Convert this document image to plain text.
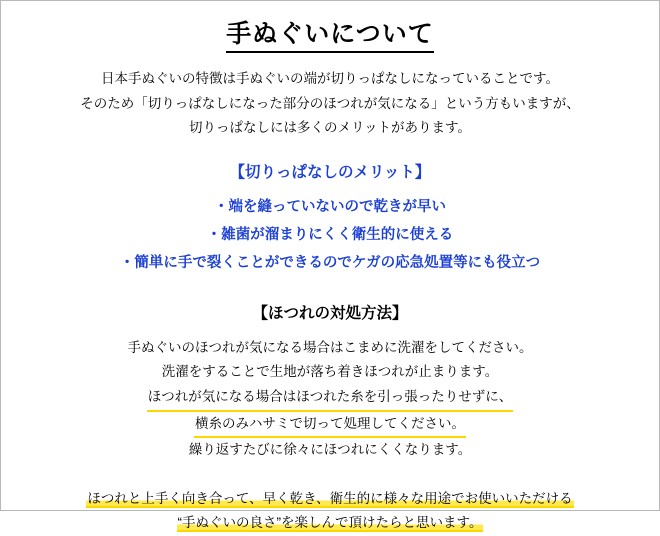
手ぬぐいについて

日本手ぬぐいの特徴は手ぬぐいの端が切りっぱなしになっていることです。

そのため「切りっぱなしになった部分のほつれが気になる」という方もいますが、

切りっぱなしには多くのメリットがあります。

【切りっぱなしのメリット】

・端を縫っていないので乾きが早い

・雑菌が溜まりにくく衛生的に使える

・簡単に手で裂くことができるのでケガの応急処置等にも役立つ

【ほつれの対処方法】

手ぬぐいのほつれが気になる場合はこまめに洗濯をしてください。

洗濯をすることで生地が落ち着きほつれが止まります。

ほつれが気になる場合はほつれた糸を引っ張ったりせずに、

横糸のみハサミで切って処理してください。

繰り返すたびに徐々にほつれにくくなります。

ほつれと上手く向き合って、早く乾き、衛生的に様々な用途でお使いいただける

“手ぬぐいの良さ”を楽しんで頂けたらと思います。
